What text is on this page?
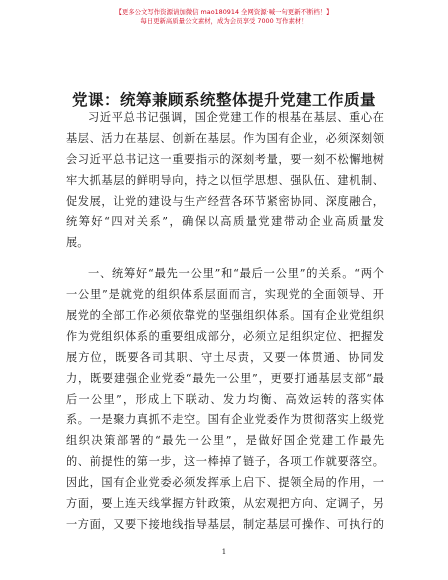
【更多公文写作资源请加微信 mao180914 全网资源·喊一句更新不断档！】
每日更新高质量公文素材，成为会员享受 7000 写作素材！
党课：统筹兼顾系统整体提升党建工作质量
习近平总书记强调，国企党建工作的根基在基层、重心在
基层、活力在基层、创新在基层。作为国有企业，必须深刻领
会习近平总书记这一重要指示的深刻考量，要一刻不松懈地树
牢大抓基层的鲜明导向，持之以恒学思想、强队伍、建机制、
促发展，让党的建设与生产经营各环节紧密协同、深度融合，
统筹好“四对关系”，确保以高质量党建带动企业高质量发
展。
一、统筹好“最先一公里”和“最后一公里”的关系。“两个
一公里”是就党的组织体系层面而言，实现党的全面领导、开
展党的全部工作必须依靠党的坚强组织体系。国有企业党组织
作为党组织体系的重要组成部分，必须立足组织定位、把握发
展方位，既要各司其职、守土尽责，又要一体贯通、协同发
力，既要建强企业党委“最先一公里”，更要打通基层支部“最
后一公里”，形成上下联动、发力均衡、高效运转的落实体
系。一是聚力真抓不走空。国有企业党委作为贯彻落实上级党
组织决策部署的“最先一公里”，是做好国企党建工作最先
的、前提性的第一步，这一棒掉了链子，各项工作就要落空。
因此，国有企业党委必须发挥承上启下、提领全局的作用，一
方面，要上连天线掌握方针政策，从宏观把方向、定调子，另
一方面，又要下接地线指导基层，制定基层可操作、可执行的
1
